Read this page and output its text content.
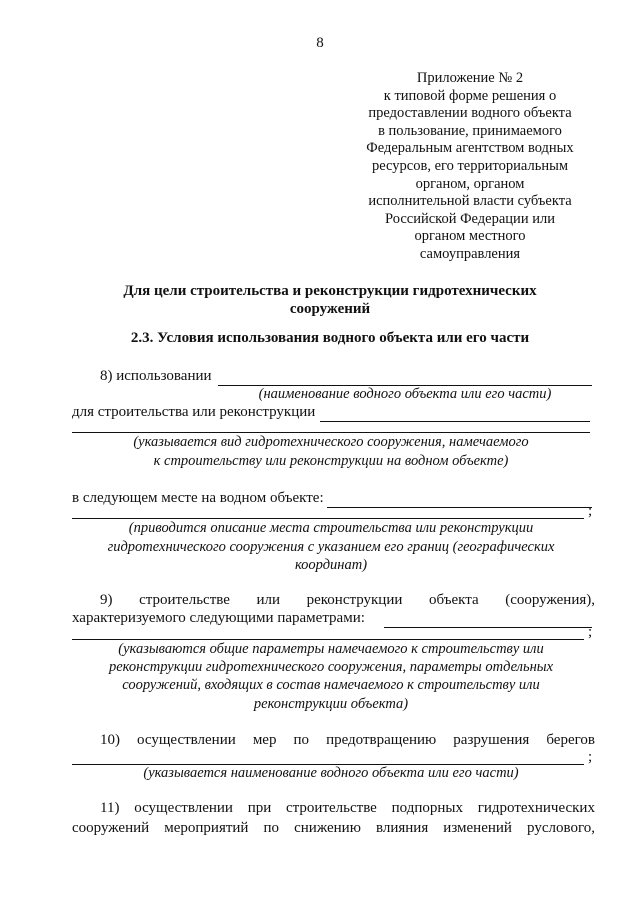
8
Приложение № 2
к типовой форме решения о
предоставлении водного объекта
в пользование, принимаемого
Федеральным агентством водных
ресурсов, его территориальным
органом, органом
исполнительной власти субъекта
Российской Федерации или
органом местного
самоуправления
Для цели строительства и реконструкции гидротехнических
сооружений
2.3. Условия использования водного объекта или его части
8) использовании
(наименование водного объекта или его части)
для строительства или реконструкции
(указывается вид гидротехнического сооружения, намечаемого
к строительству или реконструкции на водном объекте)
в следующем месте на водном объекте:
;
(приводится описание места строительства или реконструкции
гидротехнического сооружения с указанием его границ (географических
координат)
9) строительстве или реконструкции объекта (сооружения),
характеризуемого следующими параметрами:
;
(указываются общие параметры намечаемого к строительству или
реконструкции гидротехнического сооружения, параметры отдельных
сооружений, входящих в состав намечаемого к строительству или
реконструкции объекта)
10) осуществлении мер по предотвращению разрушения берегов
;
(указывается наименование водного объекта или его части)
11) осуществлении при строительстве подпорных гидротехнических
сооружений мероприятий по снижению влияния изменений руслового,
